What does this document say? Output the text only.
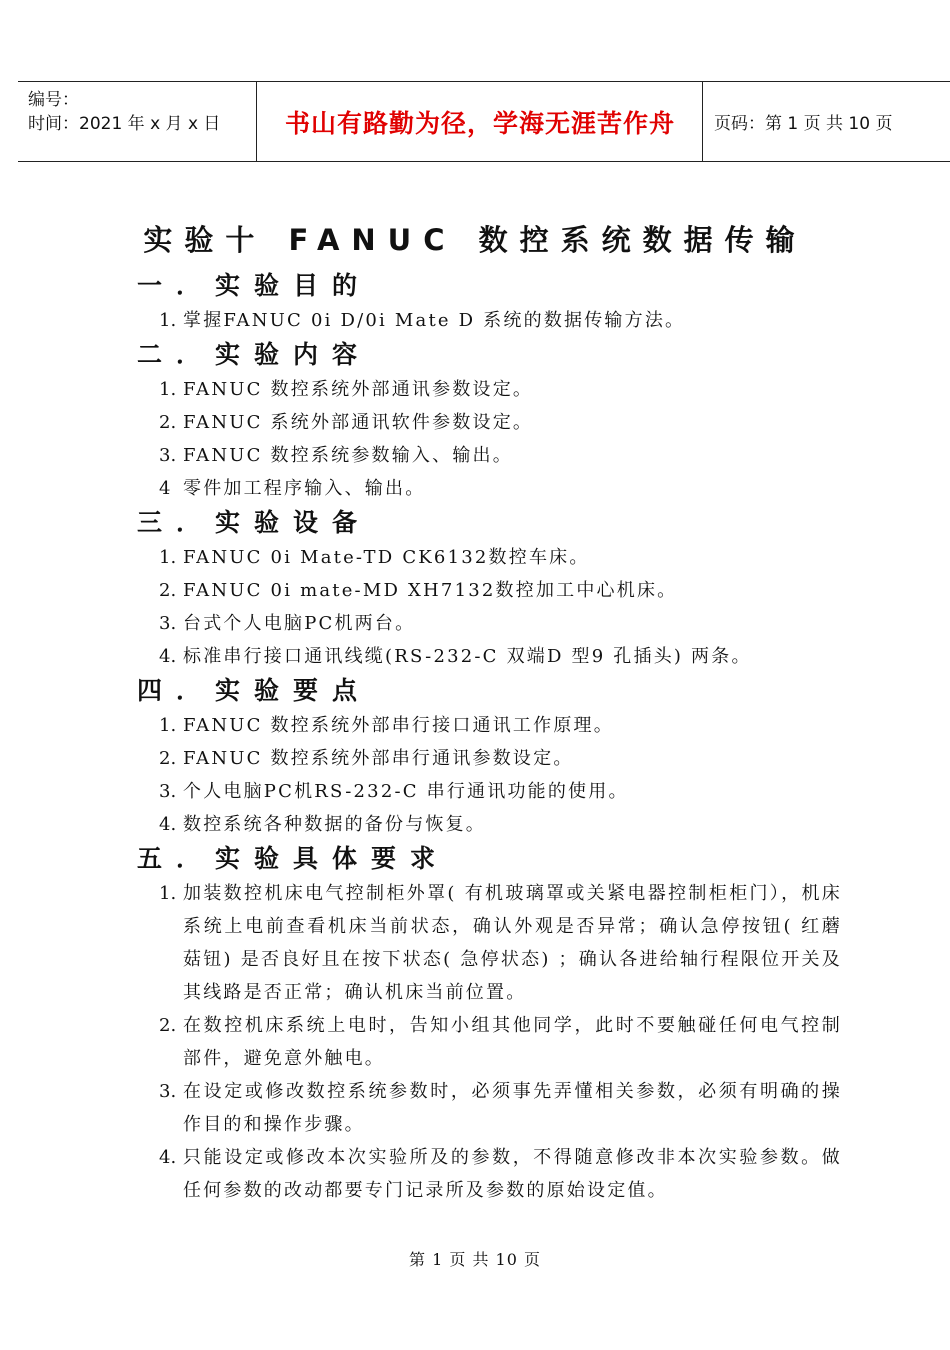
编号：
时间：2021 年 x 月 x 日	书山有路勤为径，学海无涯苦作舟	页码：第 1 页 共 10 页
实验十 FANUC 数控系统数据传输
一．实验目的
1. 掌握FANUC 0i D/0i Mate D 系统的数据传输方法。
二．实验内容
1. FANUC 数控系统外部通讯参数设定。
2. FANUC 系统外部通讯软件参数设定。
3. FANUC 数控系统参数输入、输出。
4 零件加工程序输入、输出。
三．实验设备
1. FANUC 0i Mate-TD CK6132数控车床。
2. FANUC 0i mate-MD XH7132数控加工中心机床。
3. 台式个人电脑PC机两台。
4. 标准串行接口通讯线缆(RS-232-C 双端D 型9 孔插头) 两条。
四．实验要点
1. FANUC 数控系统外部串行接口通讯工作原理。
2. FANUC 数控系统外部串行通讯参数设定。
3. 个人电脑PC机RS-232-C 串行通讯功能的使用。
4. 数控系统各种数据的备份与恢复。
五．实验具体要求
1. 加装数控机床电气控制柜外罩( 有机玻璃罩或关紧电器控制柜柜门），机床系统上电前查看机床当前状态，确认外观是否异常；确认急停按钮( 红蘑菇钮) 是否良好且在按下状态( 急停状态) ；确认各进给轴行程限位开关及其线路是否正常；确认机床当前位置。
2. 在数控机床系统上电时，告知小组其他同学，此时不要触碰任何电气控制部件，避免意外触电。
3. 在设定或修改数控系统参数时，必须事先弄懂相关参数，必须有明确的操作目的和操作步骤。
4. 只能设定或修改本次实验所及的参数，不得随意修改非本次实验参数。做任何参数的改动都要专门记录所及参数的原始设定值。
第 1 页 共 10 页
